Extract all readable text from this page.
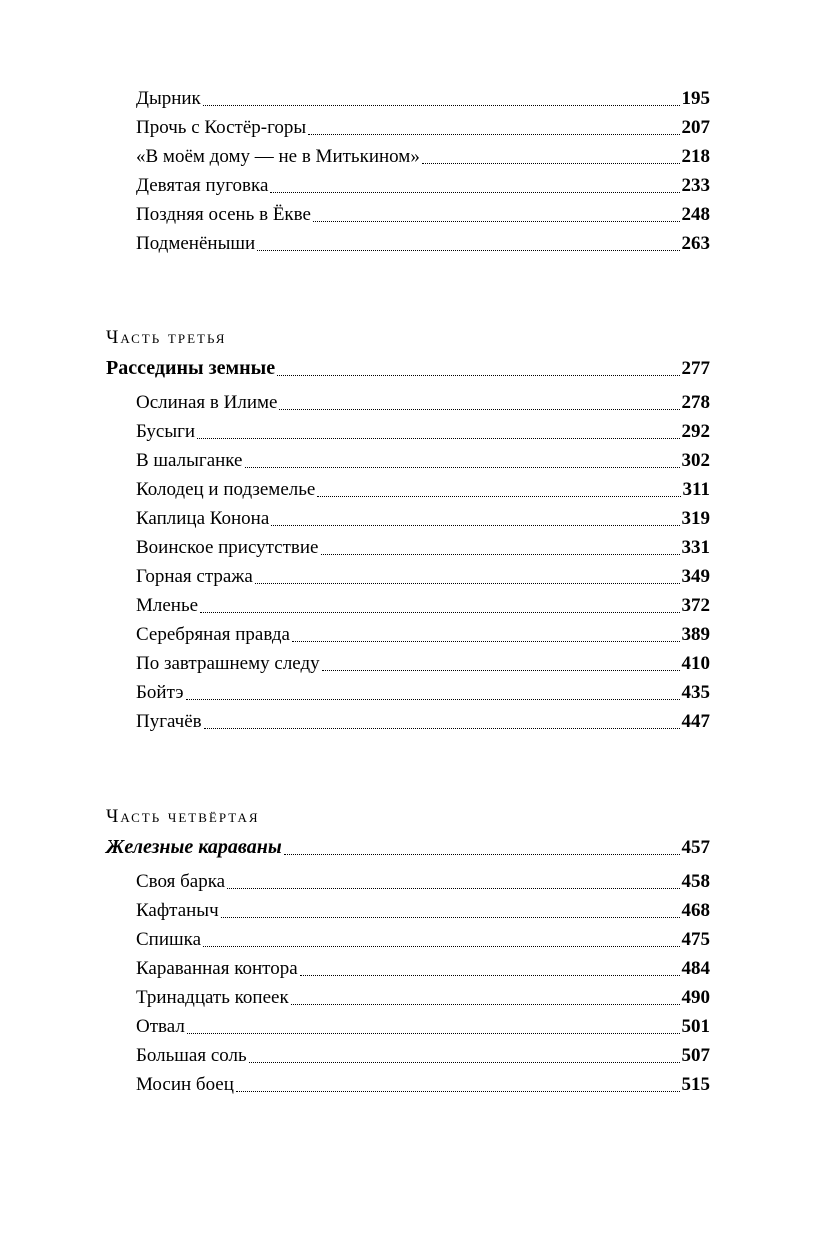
Дырник	195
Прочь с Костёр-горы	207
«В моём дому — не в Митькином»	218
Девятая пуговка	233
Поздняя осень в Ёкве	248
Подменёныши	263
Часть третья
Расседины земные	277
Ослиная в Илиме	278
Бусыги	292
В шалыганке	302
Колодец и подземелье	311
Каплица Конона	319
Воинское присутствие	331
Горная стража	349
Мленье	372
Серебряная правда	389
По завтрашнему следу	410
Бойтэ	435
Пугачёв	447
Часть четвёртая
Железные караваны	457
Своя барка	458
Кафтаныч	468
Спишка	475
Караванная контора	484
Тринадцать копеек	490
Отвал	501
Большая соль	507
Мосин боец	515
